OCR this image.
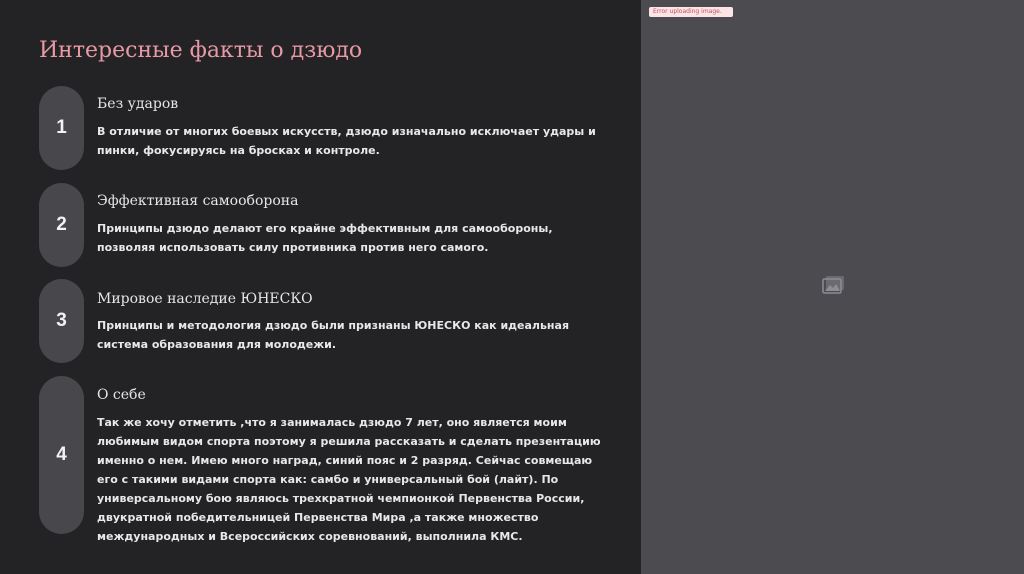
Интересные факты о дзюдо
1
Без ударов
В отличие от многих боевых искусств, дзюдо изначально исключает удары и пинки, фокусируясь на бросках и контроле.
2
Эффективная самооборона
Принципы дзюдо делают его крайне эффективным для самообороны, позволяя использовать силу противника против него самого.
3
Мировое наследие ЮНЕСКО
Принципы и методология дзюдо были признаны ЮНЕСКО как идеальная система образования для молодежи.
4
О себе
Так же хочу отметить ,что я занималась дзюдо 7 лет, оно является моим любимым видом спорта поэтому я решила рассказать и сделать презентацию именно о нем. Имею много наград, синий пояс и 2 разряд. Сейчас совмещаю его с такими видами спорта как: самбо и универсальный бой (лайт). По универсальному бою являюсь трехкратной чемпионкой Первенства России, двукратной победительницей Первенства Мира ,а также множество международных и Всероссийских соревнований, выполнила КМС.
Error uploading image.
